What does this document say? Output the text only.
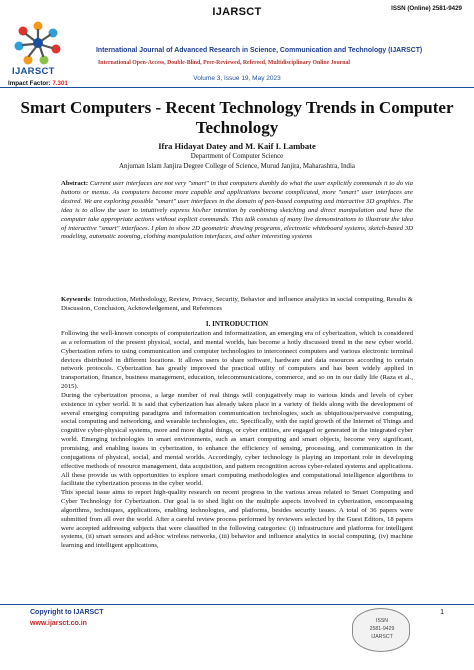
IJARSCT
Impact Factor: 7.301
IJARSCT	ISSN (Online) 2581-9429
International Journal of Advanced Research in Science, Communication and Technology (IJARSCT)
International Open-Access, Double-Blind, Peer-Reviewed, Refereed, Multidisciplinary Online Journal
Volume 3, Issue 19, May 2023
Smart Computers - Recent Technology Trends in Computer Technology
Ifra Hidayat Datey and M. Kaif I. Lambate
Department of Computer Science
Anjuman Islam Janjira Degree College of Science, Murud Janjira, Maharashtra, India
Abstract: Current user interfaces are not very "smart" in that computers dumbly do what the user explicitly commands it to do via buttons or menus. As computers become more capable and applications become complicated, more "smart" user interfaces are desired. We are exploring possible "smart" user interfaces in the domain of pen-based computing and interactive 3D graphics. The idea is to allow the user to intuitively express his/her intention by combining sketching and direct manipulation and have the computer take appropriate actions without explicit commands. This talk consists of many live demonstrations to illustrate the idea of interactive "smart" interfaces. I plan to show 2D geometric drawing programs, electronic whiteboard systems, sketch-based 3D modeling, automatic zooming, clothing manipulation interfaces, and other interesting systems
Keywords: Introduction, Methodology, Review, Privacy, Security, Behavior and influence analytics in social computing, Results & Discussion, Conclusion, Acknowledgement, and References
I. INTRODUCTION

Following the well-known concepts of computerization and informatization, an emerging era of cyberization, which is considered as a reformation of the present physical, social, and mental worlds, has become a hotly discussed trend in the new cyber world. Cyberization refers to using communication and computer technologies to interconnect computers and various electronic terminal devices distributed in different locations. It allows users to share software, hardware and data resources according to certain network protocols. Cyberization has greatly improved the practical utility of computers and has been widely applied in transportation, finance, business management, education, telecommunications, commerce, and so on in our daily life (Raza et al., 2015).

During the cyberization process, a large number of real things will conjugatively map to various kinds and levels of cyber existence in cyber world. It is said that cyberization has already taken place in a variety of fields along with the development of several emerging computing paradigms and information communication technologies, such as ubiquitous/pervasive computing, social computing and networking, and wearable technologies, etc. Specifically, with the rapid growth of the Internet of Things and cognitive cyber-physical systems, more and more digital things, or cyber entities, are engaged or generated in the integrated cyber world. Emerging technologies in smart environments, such as smart computing and smart objects, become very significant, promising, and enabling issues in cyberization, to enhance the efficiency of sensing, processing, and communication in the conjugations of physical, social, and mental worlds. Accordingly, cyber technology is playing an important role in developing effective methods of resource management, data acquisition, and pattern recognition across cyber-related systems and applications. All these provide us with opportunities to explore smart computing methodologies and computational intelligence algorithms to facilitate the cyberization process in the cyber world.

This special issue aims to report high-quality research on recent progress in the various areas related to Smart Computing and Cyber Technology for Cyberization. Our goal is to shed light on the multiple aspects involved in cyberization, encompassing algorithms, techniques, applications, enabling technologies, and platforms, besides security issues. A total of 36 papers were submitted from all over the world. After a careful review process performed by reviewers selected by the Guest Editors, 18 papers were accepted addressing subjects that were classified in the following categories: (i) infrastructure and platforms for intelligent systems, (ii) smart sensors and ad-hoc wireless networks, (iii) behavior and influence analytics in social computing, (iv) machine learning and intelligent applications,

Copyright to IJARSCT
www.ijarsct.co.in	ISSN
2581-9429
IJARSCT
1
